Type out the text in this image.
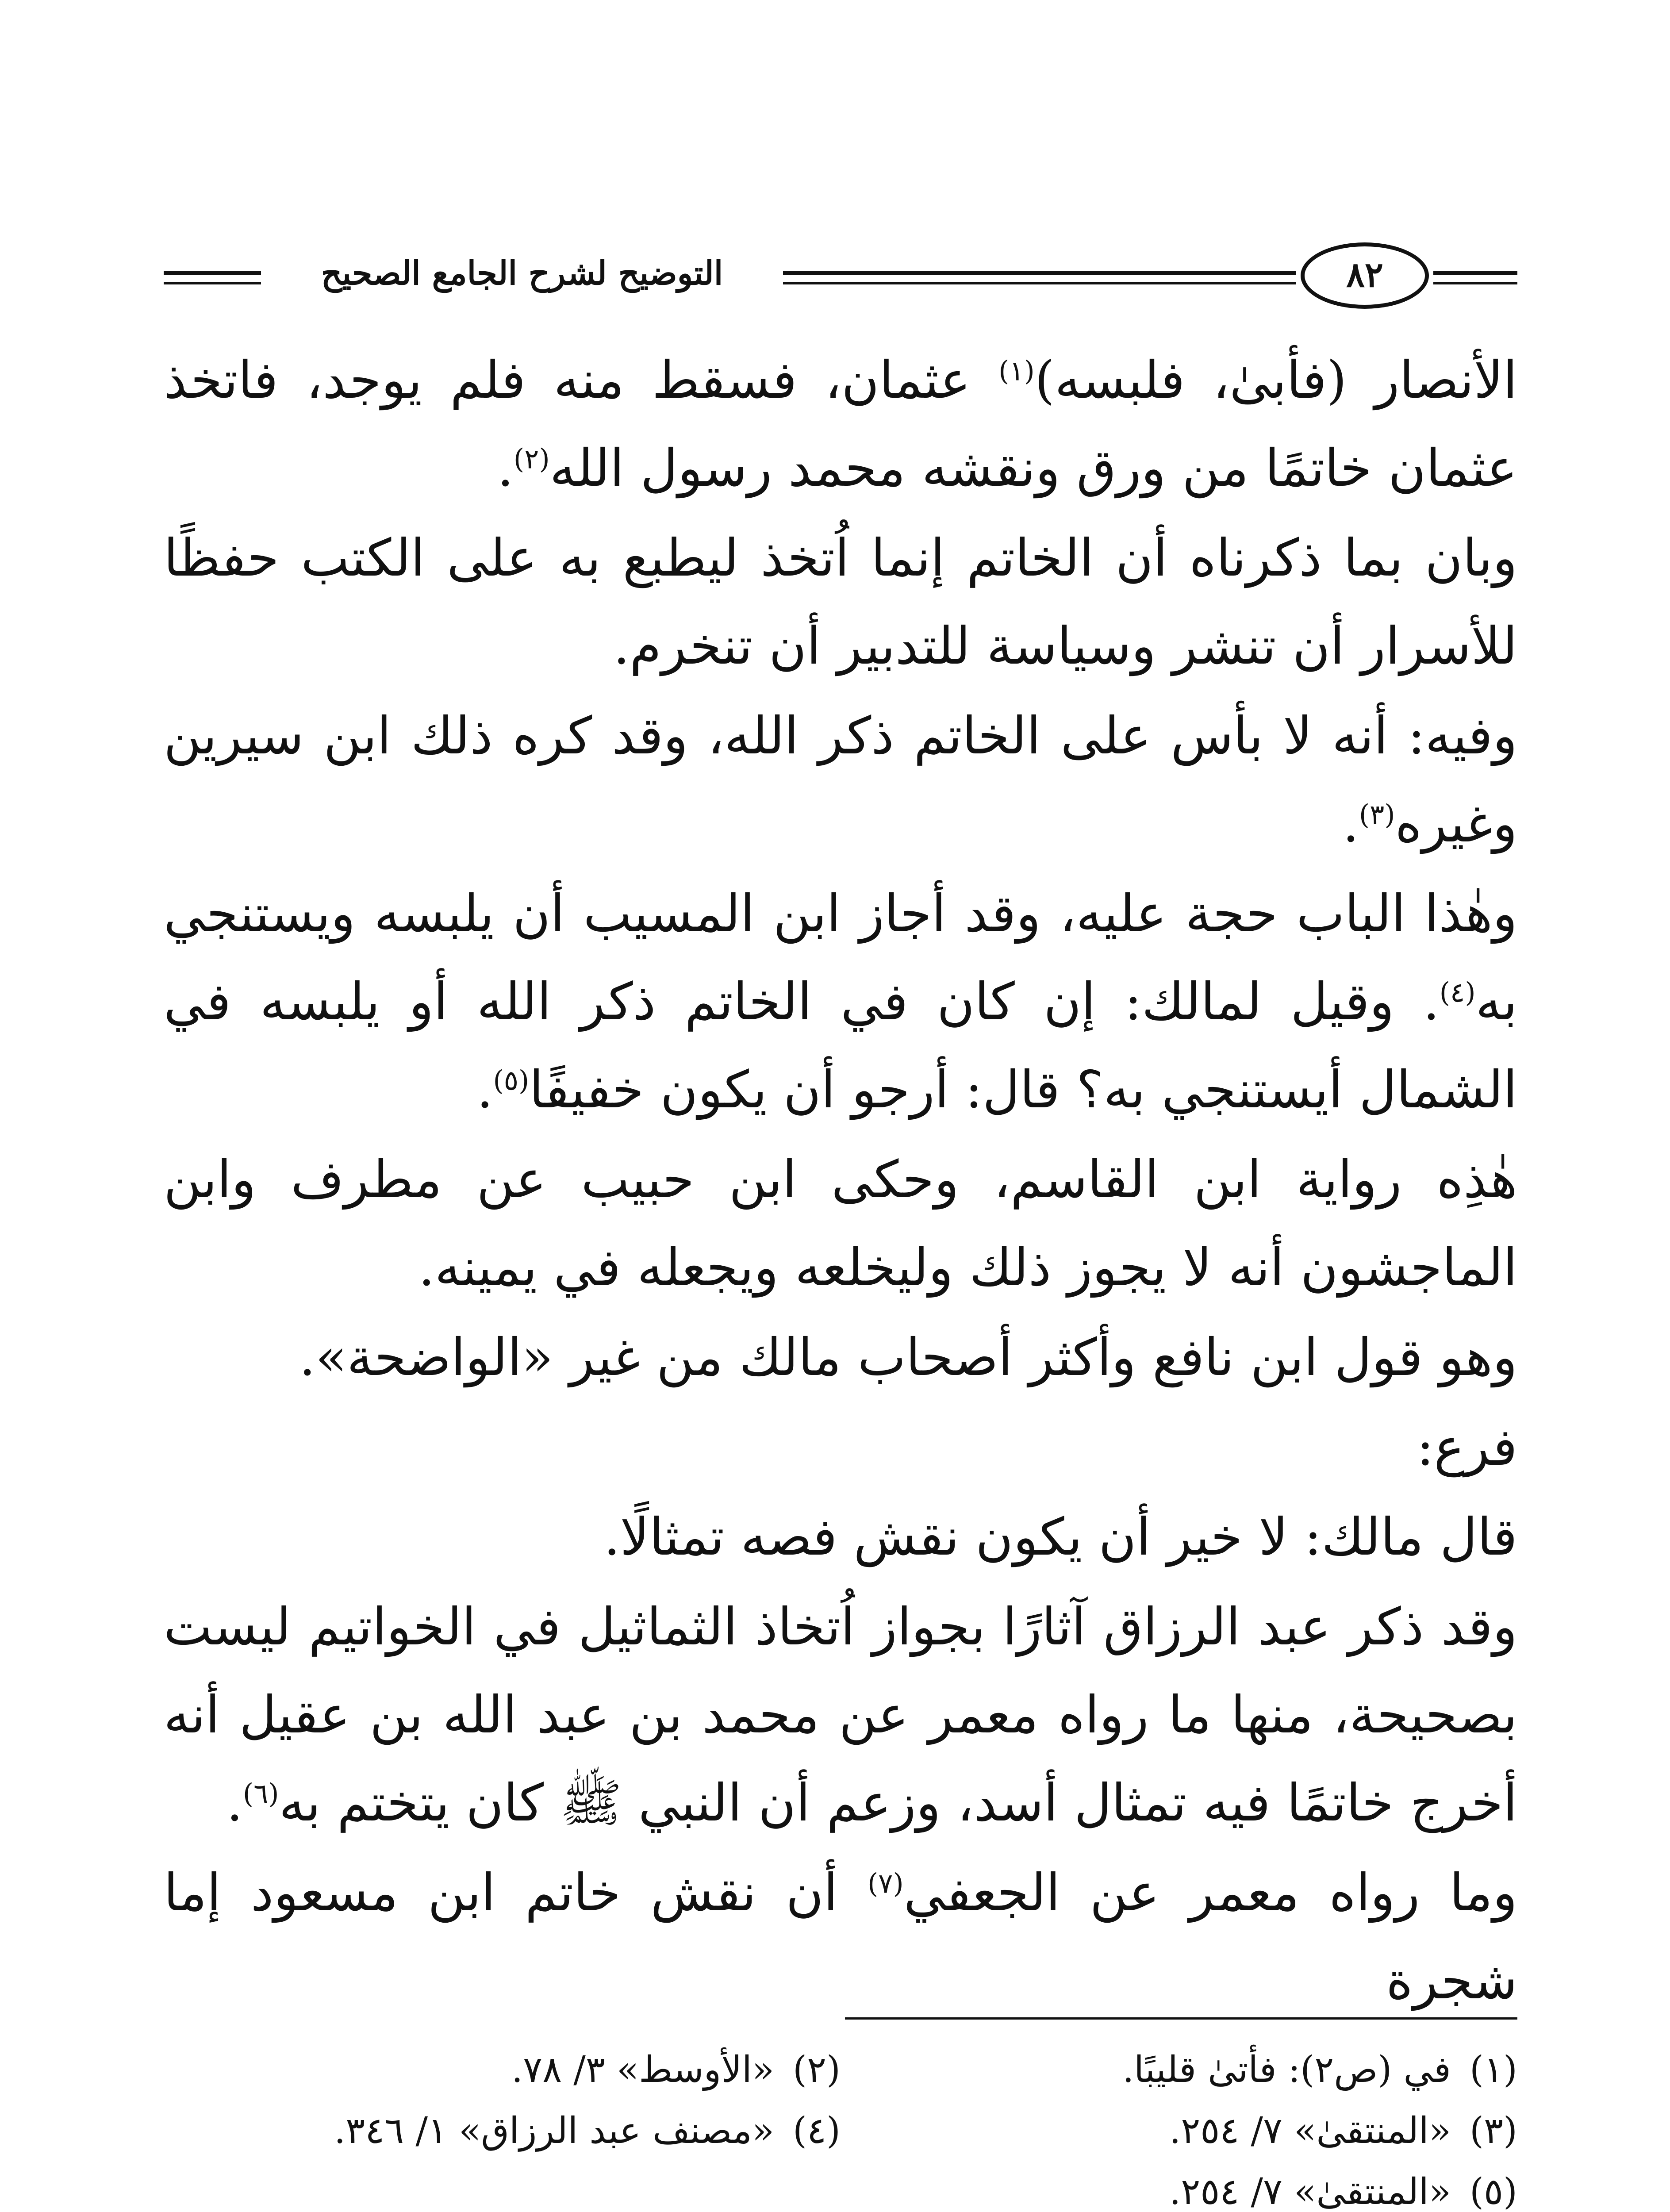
التوضيح لشرح الجامع الصحيح	٨٢

الأنصار (فأبىٰ، فلبسه)$^{(١)}$ عثمان، فسقط منه فلم يوجد، فاتخذ عثمان خاتمًا من ورق ونقشه محمد رسول الله$^{(٢)}$.

وبان بما ذكرناه أن الخاتم إنما اُتخذ ليطبع به على الكتب حفظًا للأسرار أن تنشر وسياسة للتدبير أن تنخرم.

وفيه: أنه لا بأس على الخاتم ذكر الله، وقد كره ذلك ابن سيرين وغيره$^{(٣)}$.

وهٰذا الباب حجة عليه، وقد أجاز ابن المسيب أن يلبسه ويستنجي به$^{(٤)}$. وقيل لمالك: إن كان في الخاتم ذكر الله أو يلبسه في الشمال أيستنجي به؟ قال: أرجو أن يكون خفيفًا$^{(٥)}$.

هٰذِه رواية ابن القاسم، وحكى ابن حبيب عن مطرف وابن الماجشون أنه لا يجوز ذلك وليخلعه ويجعله في يمينه.

وهو قول ابن نافع وأكثر أصحاب مالك من غير «الواضحة».

فرع:

قال مالك: لا خير أن يكون نقش فصه تمثالًا.

وقد ذكر عبد الرزاق آثارًا بجواز اُتخاذ الثماثيل في الخواتيم ليست بصحيحة، منها ما رواه معمر عن محمد بن عبد الله بن عقيل أنه أخرج خاتمًا فيه تمثال أسد، وزعم أن النبي ﷺ كان يتختم به$^{(٦)}$.

وما رواه معمر عن الجعفي$^{(٧)}$ أن نقش خاتم ابن مسعود إما شجرة

(١)في (ص٢): فأتىٰ قليبًا.
(٢)«الأوسط» ٣/ ٧٨.
(٣)«المنتقىٰ» ٧/ ٢٥٤.
(٤)«مصنف عبد الرزاق» ١/ ٣٤٦.
(٥)«المنتقىٰ» ٧/ ٢٥٤.
